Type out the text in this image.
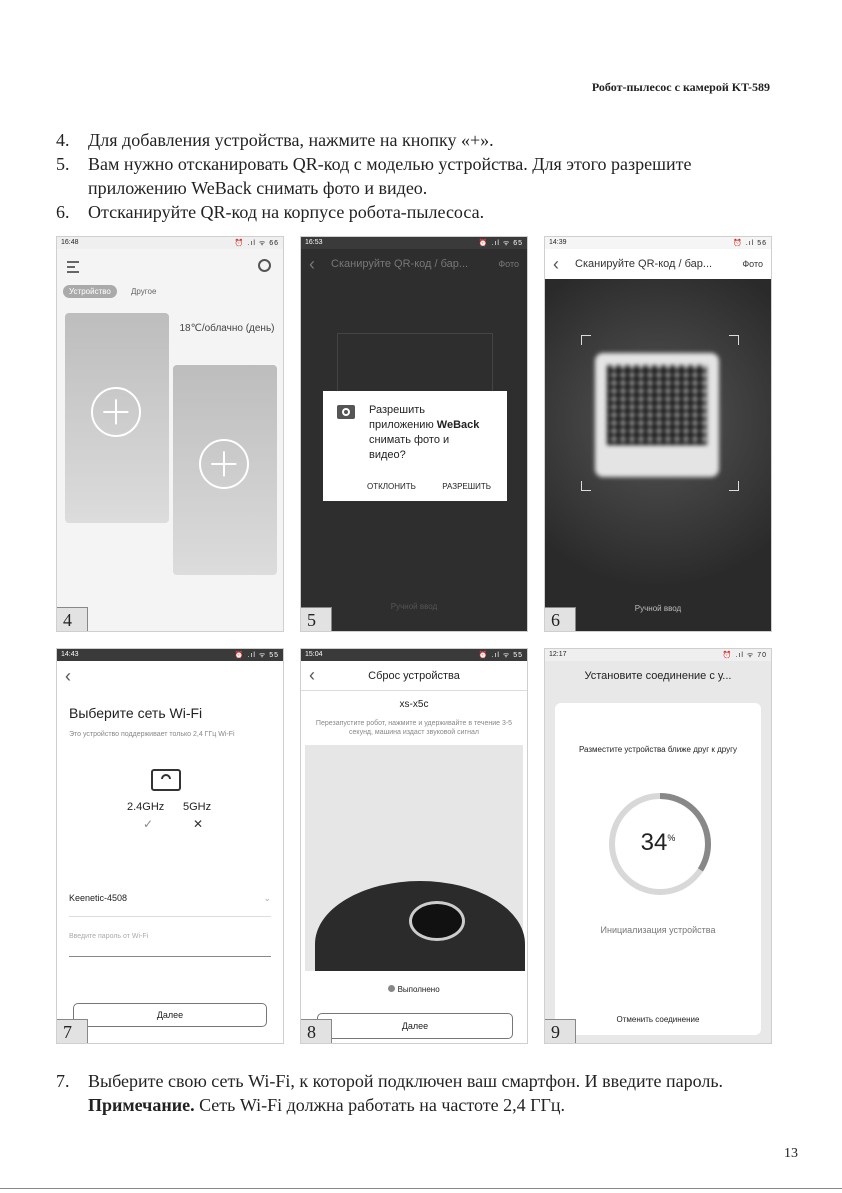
Робот-пылесос с камерой KT-589
4.	Для добавления устройства, нажмите на кнопку «+».
5.	Вам нужно отсканировать QR-код с моделью устройства. Для этого разрешите приложению WeBack снимать фото и видео.
6.	Отсканируйте QR-код на корпусе робота-пылесоса.
16:48	⏰ .ıl ᯤ 66
Устройство	Другое
18℃/облачно (день)
4
16:53	⏰ .ıl ᯤ 65
‹	Сканируйте QR-код / бар...	Фото
Разрешить
приложению WeBack
снимать фото и
видео?
ОТКЛОНИТЬ	РАЗРЕШИТЬ
Ручной ввод
5
14:39	⏰ .ıl 56
‹	Сканируйте QR-код / бар...	Фото
Ручной ввод
6
14:43	⏰ .ıl ᯤ 55
‹
Выберите сеть Wi-Fi
Это устройство поддерживает только 2,4 ГГц Wi-Fi
2.4GHz 5GHz
✓	✕
Keenetic-4508	⌄
Введите пароль от Wi-Fi
Далее
7
15:04	⏰ .ıl ᯤ 55
‹	Сброс устройства
xs-x5c
Перезапустите робот, нажмите и удерживайте в течение 3-5 секунд, машина издаст звуковой сигнал
Выполнено
Далее
8
12:17	⏰ .ıl ᯤ 70
Установите соединение с у...
Разместите устройства ближе друг к другу
34%
Инициализация устройства
Отменить соединение
9
7.	Выберите свою сеть Wi-Fi, к которой подключен ваш смартфон. И введите пароль.
Примечание. Сеть Wi-Fi должна работать на частоте 2,4 ГГц.
13
